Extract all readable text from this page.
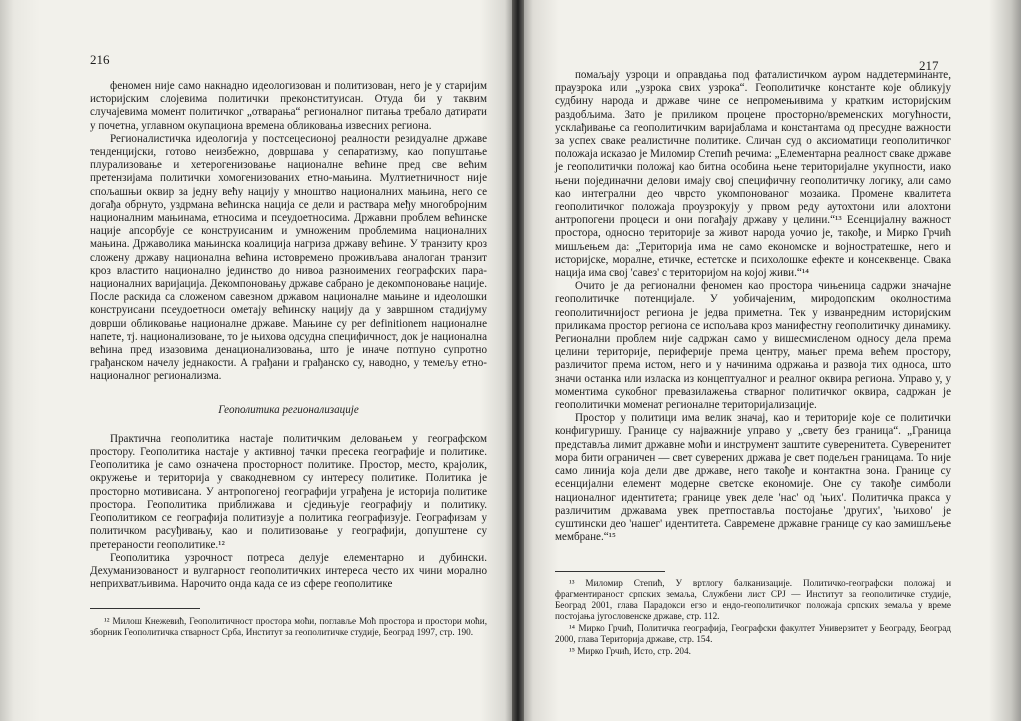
216

феномен није само накнадно идеологизован и политизован, него је у старијим историјским слојевима политички преконституисан. Отуда би у таквим случајевима момент политичког „отварања“ регионалног питања требало датирати у почетна, углавном окупациона времена обликовања извесних региона.

Регионалистичка идеологија у постсецесионој реалности резидуалне државе тенденцијски, готово неизбежно, довршава у сепаратизму, као попуштање плурализовање и хетерогенизовање националне већине пред све већим претензијама политички хомогенизованих етно-мањина. Мултиетничност није спољашњи оквир за једну већу нацију у мноштво националних мањина, него се догађа обрнуто, уздрмана већинска нација се дели и раствара међу многобројним националним мањинама, етносима и псеудоетносима. Државни проблем већинске нације апсорбује се конструисаним и умноженим проблемима националних мањина. Државолика мањинска коалиција нагриза државу већине. У транзиту кроз сложену државу национална већина истовремено проживљава аналоган транзит кроз властито национално јединство до нивоа разноимених географских пара-националних варијација. Декомпоновању државе сабрано је декомпоновање нације. После раскида са сложеном савезном државом националне мањине и идеолошки конструисани псеудоетноси ометају већинску нацију да у завршном стадијуму доврши обликовање националне државе. Мањине су per definitionem националне напете, тј. национализоване, то је њихова одсудна специфичност, док је национална већина пред изазовима денационализовања, што је иначе потпуно супротно грађанском начелу једнакости. А грађани и грађанско су, наводно, у темељу етно-националног регионализма.

Геополитика регионализације

Практична геополитика настаје политичким деловањем у географском простору. Геополитика настаје у активној тачки пресека географије и политике. Геополитика је само означена просторност политике. Простор, место, крајолик, окружење и територија у свакодневном су интересу политике. Политика је просторно мотивисана. У антропогеној географији уграђена је историја политике простора. Геополитика приближава и сједињује географију и политику. Геополитиком се географија политизује а политика географизује. Географизам у политичком расуђивању, као и политизовање у географији, допуштене су претераности геополитике.¹²

Геополитика узрочност потреса делује елементарно и дубински. Дехуманизованост и вулгарност геополитичких интереса често их чини морално неприхватљивима. Нарочито онда када се из сфере геополитике

¹² Милош Кнежевић, Геополитичност простора моћи, поглавље Моћ простора и простори моћи, зборник Геополитичка стварност Срба, Институт за геополитичке студије, Београд 1997, стр. 190.

217

помаљају узроци и оправдања под фаталистичком ауром наддетерминанте, праузрока или „узрока свих узрока“. Геополитичке константе које обликују судбину народа и државе чине се непромењивима у кратким историјским раздобљима. Зато је приликом процене просторно/временских могућности, усклађивање са геополитичким варијаблама и константама од пресудне важности за успех сваке реалистичне политике. Сличан суд о аксиоматици геополитичког положаја исказао је Миломир Степић речима: „Елементарна реалност сваке државе је геополитички положај као битна особина њене територијалне укупности, иако њени појединачни делови имају свој специфичну геополитичку логику, али само као интегрални део чврсто укомпонованог мозаика. Промене квалитета геополитичког положаја проузрокују у првом реду аутохтони или алохтони антропогени процеси и они погађају државу у целини.“¹³ Есенцијалну важност простора, односно територије за живот народа уочио је, такође, и Мирко Грчић мишљењем да: „Територија има не само економске и војностратешке, него и историјске, моралне, етичке, естетске и психолошке ефекте и консеквенце. Свака нација има свој 'савез' с територијом на којој живи.“¹⁴

Очито је да регионални феномен као простора чињеница садржи значајне геополитичке потенцијале. У уобичајеним, миродопским околностима геополитичнијост региона је једва приметна. Тек у изванредним историјским приликама простор региона се испољава кроз манифестну геополитичку динамику. Регионални проблем није садржан само у вишесмисленом односу дела према целини територије, периферије према центру, мањег према већем простору, различитог према истом, него и у начинима одржања и развоја тих односа, што значи останка или изласка из концептуалног и реалног оквира региона. Управо у, у моментима сукобног превазилажења стварног политичког оквира, садржан је геополитички моменат регионалне територијализације.

Простор у политици има велик значај, као и територије које се политички конфигуришу. Границе су најважније управо у „свету без граница“. „Граница представља лимит државне моћи и инструмент заштите суверенитета. Суверенитет мора бити ограничен — свет суверених држава је свет подељен границама. То није само линија која дели две државе, него такође и контактна зона. Границе су есенцијални елемент модерне светске економије. Оне су такође симболи националног идентитета; границе увек деле 'нас' од 'њих'. Политичка пракса у различитим државама увек претпоставља постојање 'других', 'њихово' је суштински део 'нашег' идентитета. Савремене државне границе су као замишљење мембране.“¹⁵

¹³ Миломир Степић, У вртлогу балканизације. Политичко-географски положај и фрагментираност српских земаља, Службени лист СРЈ — Институт за геополитичке студије, Београд 2001, глава Парадокси егзо и ендо-геополитичког положаја српских земаља у време постојања југословенске државе, стр. 112.

¹⁴ Мирко Грчић, Политичка географија, Географски факултет Универзитет у Београду, Београд 2000, глава Територија државе, стр. 154.

¹⁵ Мирко Грчић, Исто, стр. 204.
